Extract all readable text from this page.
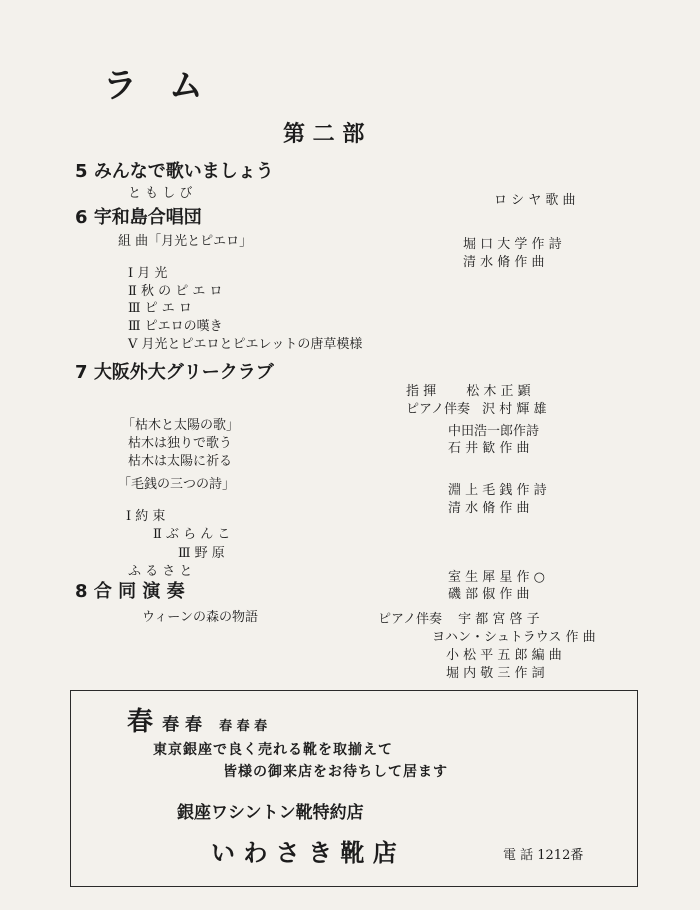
ラ ム
第 二 部
5 みんなで歌いましょう
と も し び	ロ シ ヤ 歌 曲
6 宇和島合唱団
組 曲「月光とピエロ」	堀 口 大 学 作 詩
清 水 脩 作 曲
Ⅰ 月 光
Ⅱ 秋 の ピ エ ロ
Ⅲ ピ エ ロ
Ⅲ ピエロの嘆き
Ⅴ 月光とピエロとピエレットの唐草模様
7 大阪外大グリークラブ
指 揮 松 木 正 顕
ピアノ伴奏 沢 村 輝 雄
「枯木と太陽の歌」
枯木は独りで歌う
枯木は太陽に祈る
中田浩一郎作詩
石 井 歓 作 曲
「毛銭の三つの詩」	淵 上 毛 銭 作 詩
清 水 脩 作 曲
Ⅰ 約 束
Ⅱ ぶ ら ん こ
Ⅲ 野 原
ふ る さ と	室 生 犀 星 作 ○
8 合 同 演 奏	磯 部 俶 作 曲
ウィーンの森の物語	ピアノ伴奏 宇 都 宮 啓 子
ヨハン・シュトラウス 作 曲
小 松 平 五 郎 編 曲
堀 内 敬 三 作 詞
春 春 春 春 春 春
東京銀座で良く売れる靴を取揃えて
皆様の御来店をお待ちして居ます
銀座ワシントン靴特約店
い わ さ き 靴 店	電 話 1212番
